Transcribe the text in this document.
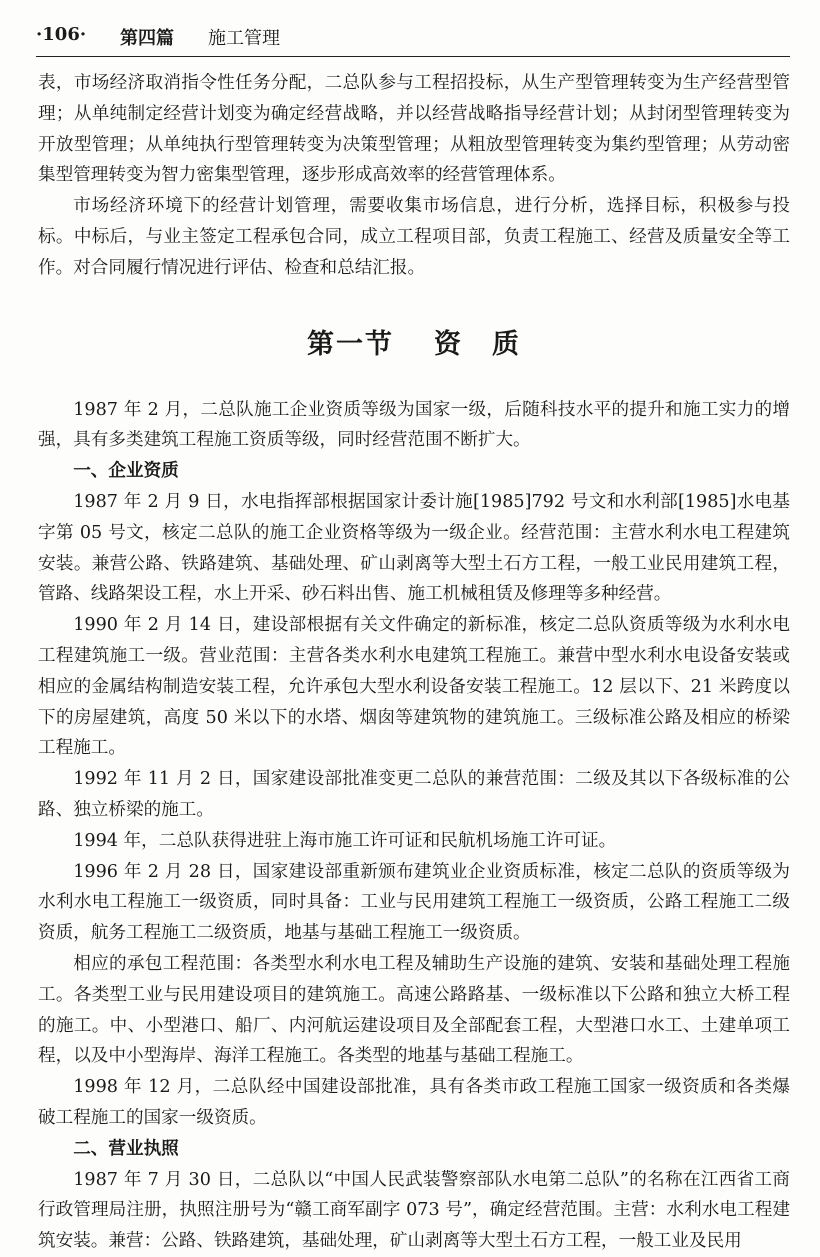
·106· 第四篇 施工管理

表，市场经济取消指令性任务分配，二总队参与工程招投标，从生产型管理转变为生产经营型管理；从单纯制定经营计划变为确定经营战略，并以经营战略指导经营计划；从封闭型管理转变为开放型管理；从单纯执行型管理转变为决策型管理；从粗放型管理转变为集约型管理；从劳动密集型管理转变为智力密集型管理，逐步形成高效率的经营管理体系。

市场经济环境下的经营计划管理，需要收集市场信息，进行分析，选择目标，积极参与投标。中标后，与业主签定工程承包合同，成立工程项目部，负责工程施工、经营及质量安全等工作。对合同履行情况进行评估、检查和总结汇报。

第一节 资　质

1987 年 2 月，二总队施工企业资质等级为国家一级，后随科技水平的提升和施工实力的增强，具有多类建筑工程施工资质等级，同时经营范围不断扩大。

一、企业资质

1987 年 2 月 9 日，水电指挥部根据国家计委计施[1985]792 号文和水利部[1985]水电基字第 05 号文，核定二总队的施工企业资格等级为一级企业。经营范围：主营水利水电工程建筑安装。兼营公路、铁路建筑、基础处理、矿山剥离等大型土石方工程，一般工业民用建筑工程，管路、线路架设工程，水上开采、砂石料出售、施工机械租赁及修理等多种经营。

1990 年 2 月 14 日，建设部根据有关文件确定的新标准，核定二总队资质等级为水利水电工程建筑施工一级。营业范围：主营各类水利水电建筑工程施工。兼营中型水利水电设备安装或相应的金属结构制造安装工程，允许承包大型水利设备安装工程施工。12 层以下、21 米跨度以下的房屋建筑，高度 50 米以下的水塔、烟囱等建筑物的建筑施工。三级标准公路及相应的桥梁工程施工。

1992 年 11 月 2 日，国家建设部批准变更二总队的兼营范围：二级及其以下各级标准的公路、独立桥梁的施工。

1994 年，二总队获得进驻上海市施工许可证和民航机场施工许可证。

1996 年 2 月 28 日，国家建设部重新颁布建筑业企业资质标准，核定二总队的资质等级为水利水电工程施工一级资质，同时具备：工业与民用建筑工程施工一级资质，公路工程施工二级资质，航务工程施工二级资质，地基与基础工程施工一级资质。

相应的承包工程范围：各类型水利水电工程及辅助生产设施的建筑、安装和基础处理工程施工。各类型工业与民用建设项目的建筑施工。高速公路路基、一级标准以下公路和独立大桥工程的施工。中、小型港口、船厂、内河航运建设项目及全部配套工程，大型港口水工、土建单项工程，以及中小型海岸、海洋工程施工。各类型的地基与基础工程施工。

1998 年 12 月，二总队经中国建设部批准，具有各类市政工程施工国家一级资质和各类爆破工程施工的国家一级资质。

二、营业执照

1987 年 7 月 30 日，二总队以“中国人民武装警察部队水电第二总队”的名称在江西省工商行政管理局注册，执照注册号为“赣工商军副字 073 号”，确定经营范围。主营：水利水电工程建筑安装。兼营：公路、铁路建筑，基础处理，矿山剥离等大型土石方工程，一般工业及民用
